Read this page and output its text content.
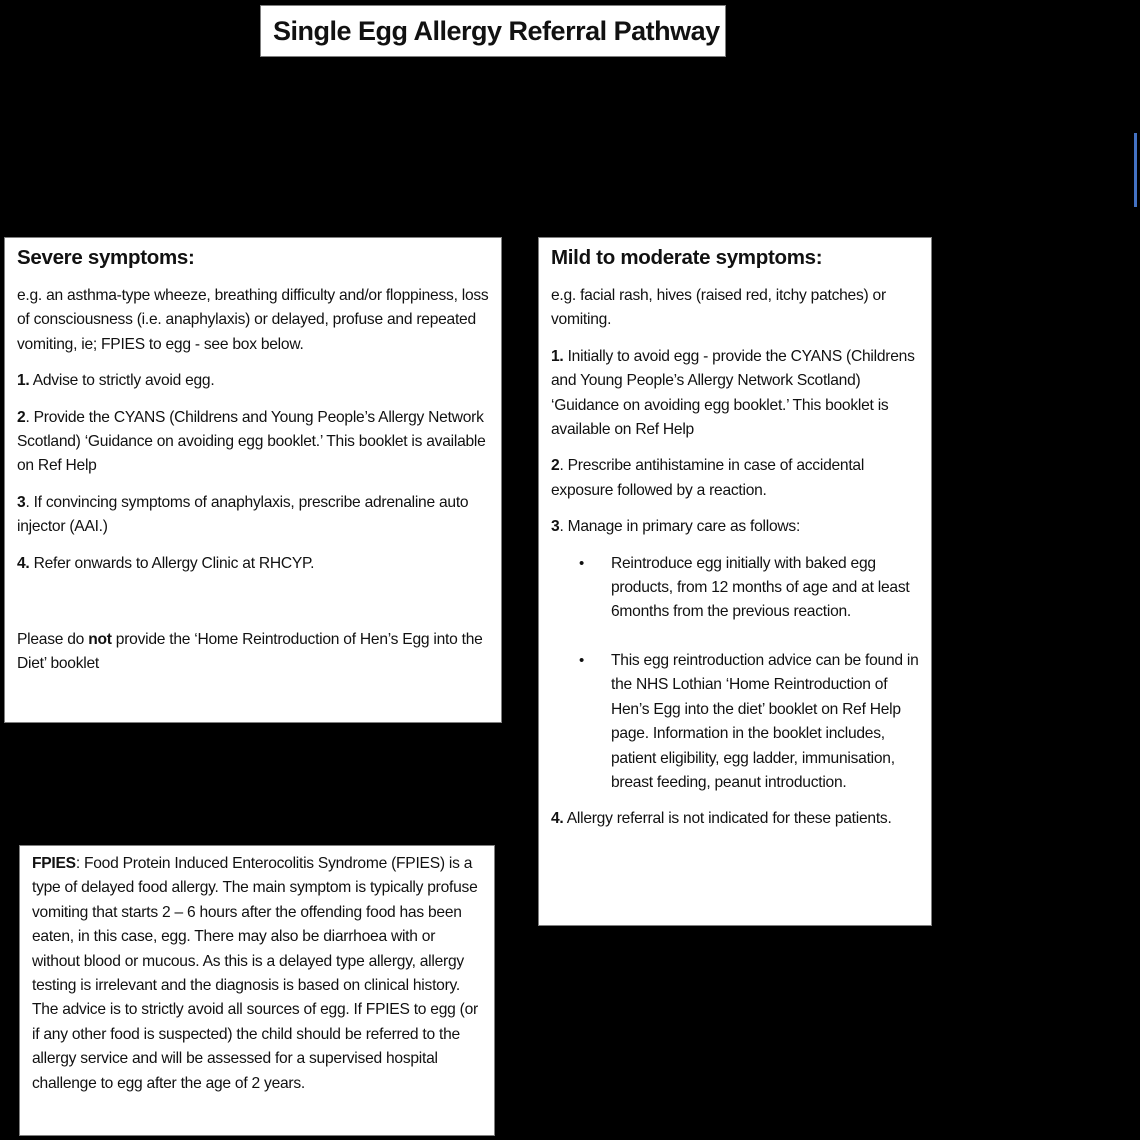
Single Egg Allergy Referral Pathway
Severe symptoms:

e.g. an asthma-type wheeze, breathing difficulty and/or floppiness, loss of consciousness (i.e. anaphylaxis) or delayed, profuse and repeated vomiting, ie; FPIES to egg - see box below.

1. Advise to strictly avoid egg.

2. Provide the CYANS (Childrens and Young People’s Allergy Network Scotland) ‘Guidance on avoiding egg booklet.’ This booklet is available on Ref Help

3. If convincing symptoms of anaphylaxis, prescribe adrenaline auto injector (AAI.)

4. Refer onwards to Allergy Clinic at RHCYP.

Please do not provide the ‘Home Reintroduction of Hen’s Egg into the Diet’ booklet

Mild to moderate symptoms:

e.g. facial rash, hives (raised red, itchy patches) or vomiting.

1. Initially to avoid egg - provide the CYANS (Childrens and Young People’s Allergy Network Scotland) ‘Guidance on avoiding egg booklet.’ This booklet is available on Ref Help

2. Prescribe antihistamine in case of accidental exposure followed by a reaction.

3. Manage in primary care as follows:

• Reintroduce egg initially with baked egg products, from 12 months of age and at least 6months from the previous reaction.
• This egg reintroduction advice can be found in the NHS Lothian ‘Home Reintroduction of Hen’s Egg into the diet’ booklet on Ref Help page. Information in the booklet includes, patient eligibility, egg ladder, immunisation, breast feeding, peanut introduction.

4. Allergy referral is not indicated for these patients.

FPIES: Food Protein Induced Enterocolitis Syndrome (FPIES) is a type of delayed food allergy. The main symptom is typically profuse vomiting that starts 2 – 6 hours after the offending food has been eaten, in this case, egg. There may also be diarrhoea with or without blood or mucous. As this is a delayed type allergy, allergy testing is irrelevant and the diagnosis is based on clinical history. The advice is to strictly avoid all sources of egg. If FPIES to egg (or if any other food is suspected) the child should be referred to the allergy service and will be assessed for a supervised hospital challenge to egg after the age of 2 years.
